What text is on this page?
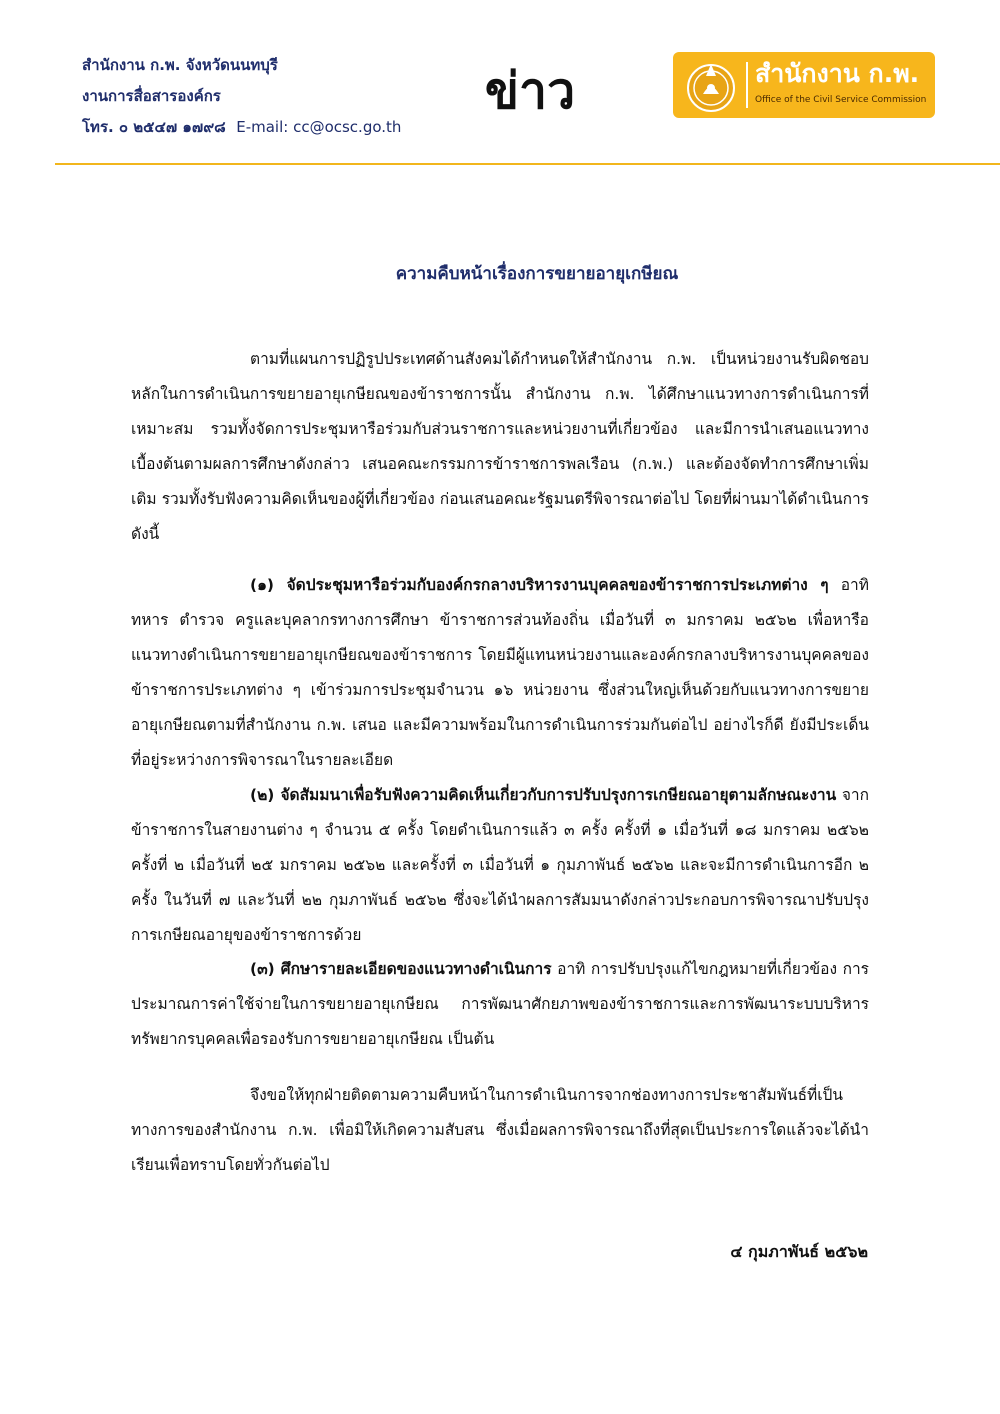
สำนักงาน ก.พ. จังหวัดนนทบุรี
งานการสื่อสารองค์กร
โทร. ๐ ๒๕๔๗ ๑๗๙๘ E-mail: cc@ocsc.go.th
ข่าว	สำนักงาน ก.พ.
Office of the Civil Service Commission
ความคืบหน้าเรื่องการขยายอายุเกษียณ
ตามที่แผนการปฏิรูปประเทศด้านสังคมได้กำหนดให้สำนักงาน ก.พ. เป็นหน่วยงานรับผิดชอบหลักในการดำเนินการขยายอายุเกษียณของข้าราชการนั้น สำนักงาน ก.พ. ได้ศึกษาแนวทางการดำเนินการที่เหมาะสม รวมทั้งจัดการประชุมหารือร่วมกับส่วนราชการและหน่วยงานที่เกี่ยวข้อง และมีการนำเสนอแนวทางเบื้องต้นตามผลการศึกษาดังกล่าว เสนอคณะกรรมการข้าราชการพลเรือน (ก.พ.) และต้องจัดทำการศึกษาเพิ่มเติม รวมทั้งรับฟังความคิดเห็นของผู้ที่เกี่ยวข้อง ก่อนเสนอคณะรัฐมนตรีพิจารณาต่อไป โดยที่ผ่านมาได้ดำเนินการ ดังนี้
(๑) จัดประชุมหารือร่วมกับองค์กรกลางบริหารงานบุคคลของข้าราชการประเภทต่าง ๆ อาทิ ทหาร ตำรวจ ครูและบุคลากรทางการศึกษา ข้าราชการส่วนท้องถิ่น เมื่อวันที่ ๓ มกราคม ๒๕๖๒ เพื่อหารือแนวทางดำเนินการขยายอายุเกษียณของข้าราชการ โดยมีผู้แทนหน่วยงานและองค์กรกลางบริหารงานบุคคลของข้าราชการประเภทต่าง ๆ เข้าร่วมการประชุมจำนวน ๑๖ หน่วยงาน ซึ่งส่วนใหญ่เห็นด้วยกับแนวทางการขยายอายุเกษียณตามที่สำนักงาน ก.พ. เสนอ และมีความพร้อมในการดำเนินการร่วมกันต่อไป อย่างไรก็ดี ยังมีประเด็นที่อยู่ระหว่างการพิจารณาในรายละเอียด
(๒) จัดสัมมนาเพื่อรับฟังความคิดเห็นเกี่ยวกับการปรับปรุงการเกษียณอายุตามลักษณะงาน จากข้าราชการในสายงานต่าง ๆ จำนวน ๕ ครั้ง โดยดำเนินการแล้ว ๓ ครั้ง ครั้งที่ ๑ เมื่อวันที่ ๑๘ มกราคม ๒๕๖๒ ครั้งที่ ๒ เมื่อวันที่ ๒๕ มกราคม ๒๕๖๒ และครั้งที่ ๓ เมื่อวันที่ ๑ กุมภาพันธ์ ๒๕๖๒ และจะมีการดำเนินการอีก ๒ ครั้ง ในวันที่ ๗ และวันที่ ๒๒ กุมภาพันธ์ ๒๕๖๒ ซึ่งจะได้นำผลการสัมมนาดังกล่าวประกอบการพิจารณาปรับปรุงการเกษียณอายุของข้าราชการด้วย
(๓) ศึกษารายละเอียดของแนวทางดำเนินการ อาทิ การปรับปรุงแก้ไขกฎหมายที่เกี่ยวข้อง การประมาณการค่าใช้จ่ายในการขยายอายุเกษียณ การพัฒนาศักยภาพของข้าราชการและการพัฒนาระบบบริหารทรัพยากรบุคคลเพื่อรองรับการขยายอายุเกษียณ เป็นต้น
จึงขอให้ทุกฝ่ายติดตามความคืบหน้าในการดำเนินการจากช่องทางการประชาสัมพันธ์ที่เป็นทางการของสำนักงาน ก.พ. เพื่อมิให้เกิดความสับสน ซึ่งเมื่อผลการพิจารณาถึงที่สุดเป็นประการใดแล้วจะได้นำเรียนเพื่อทราบโดยทั่วกันต่อไป
๔ กุมภาพันธ์ ๒๕๖๒
